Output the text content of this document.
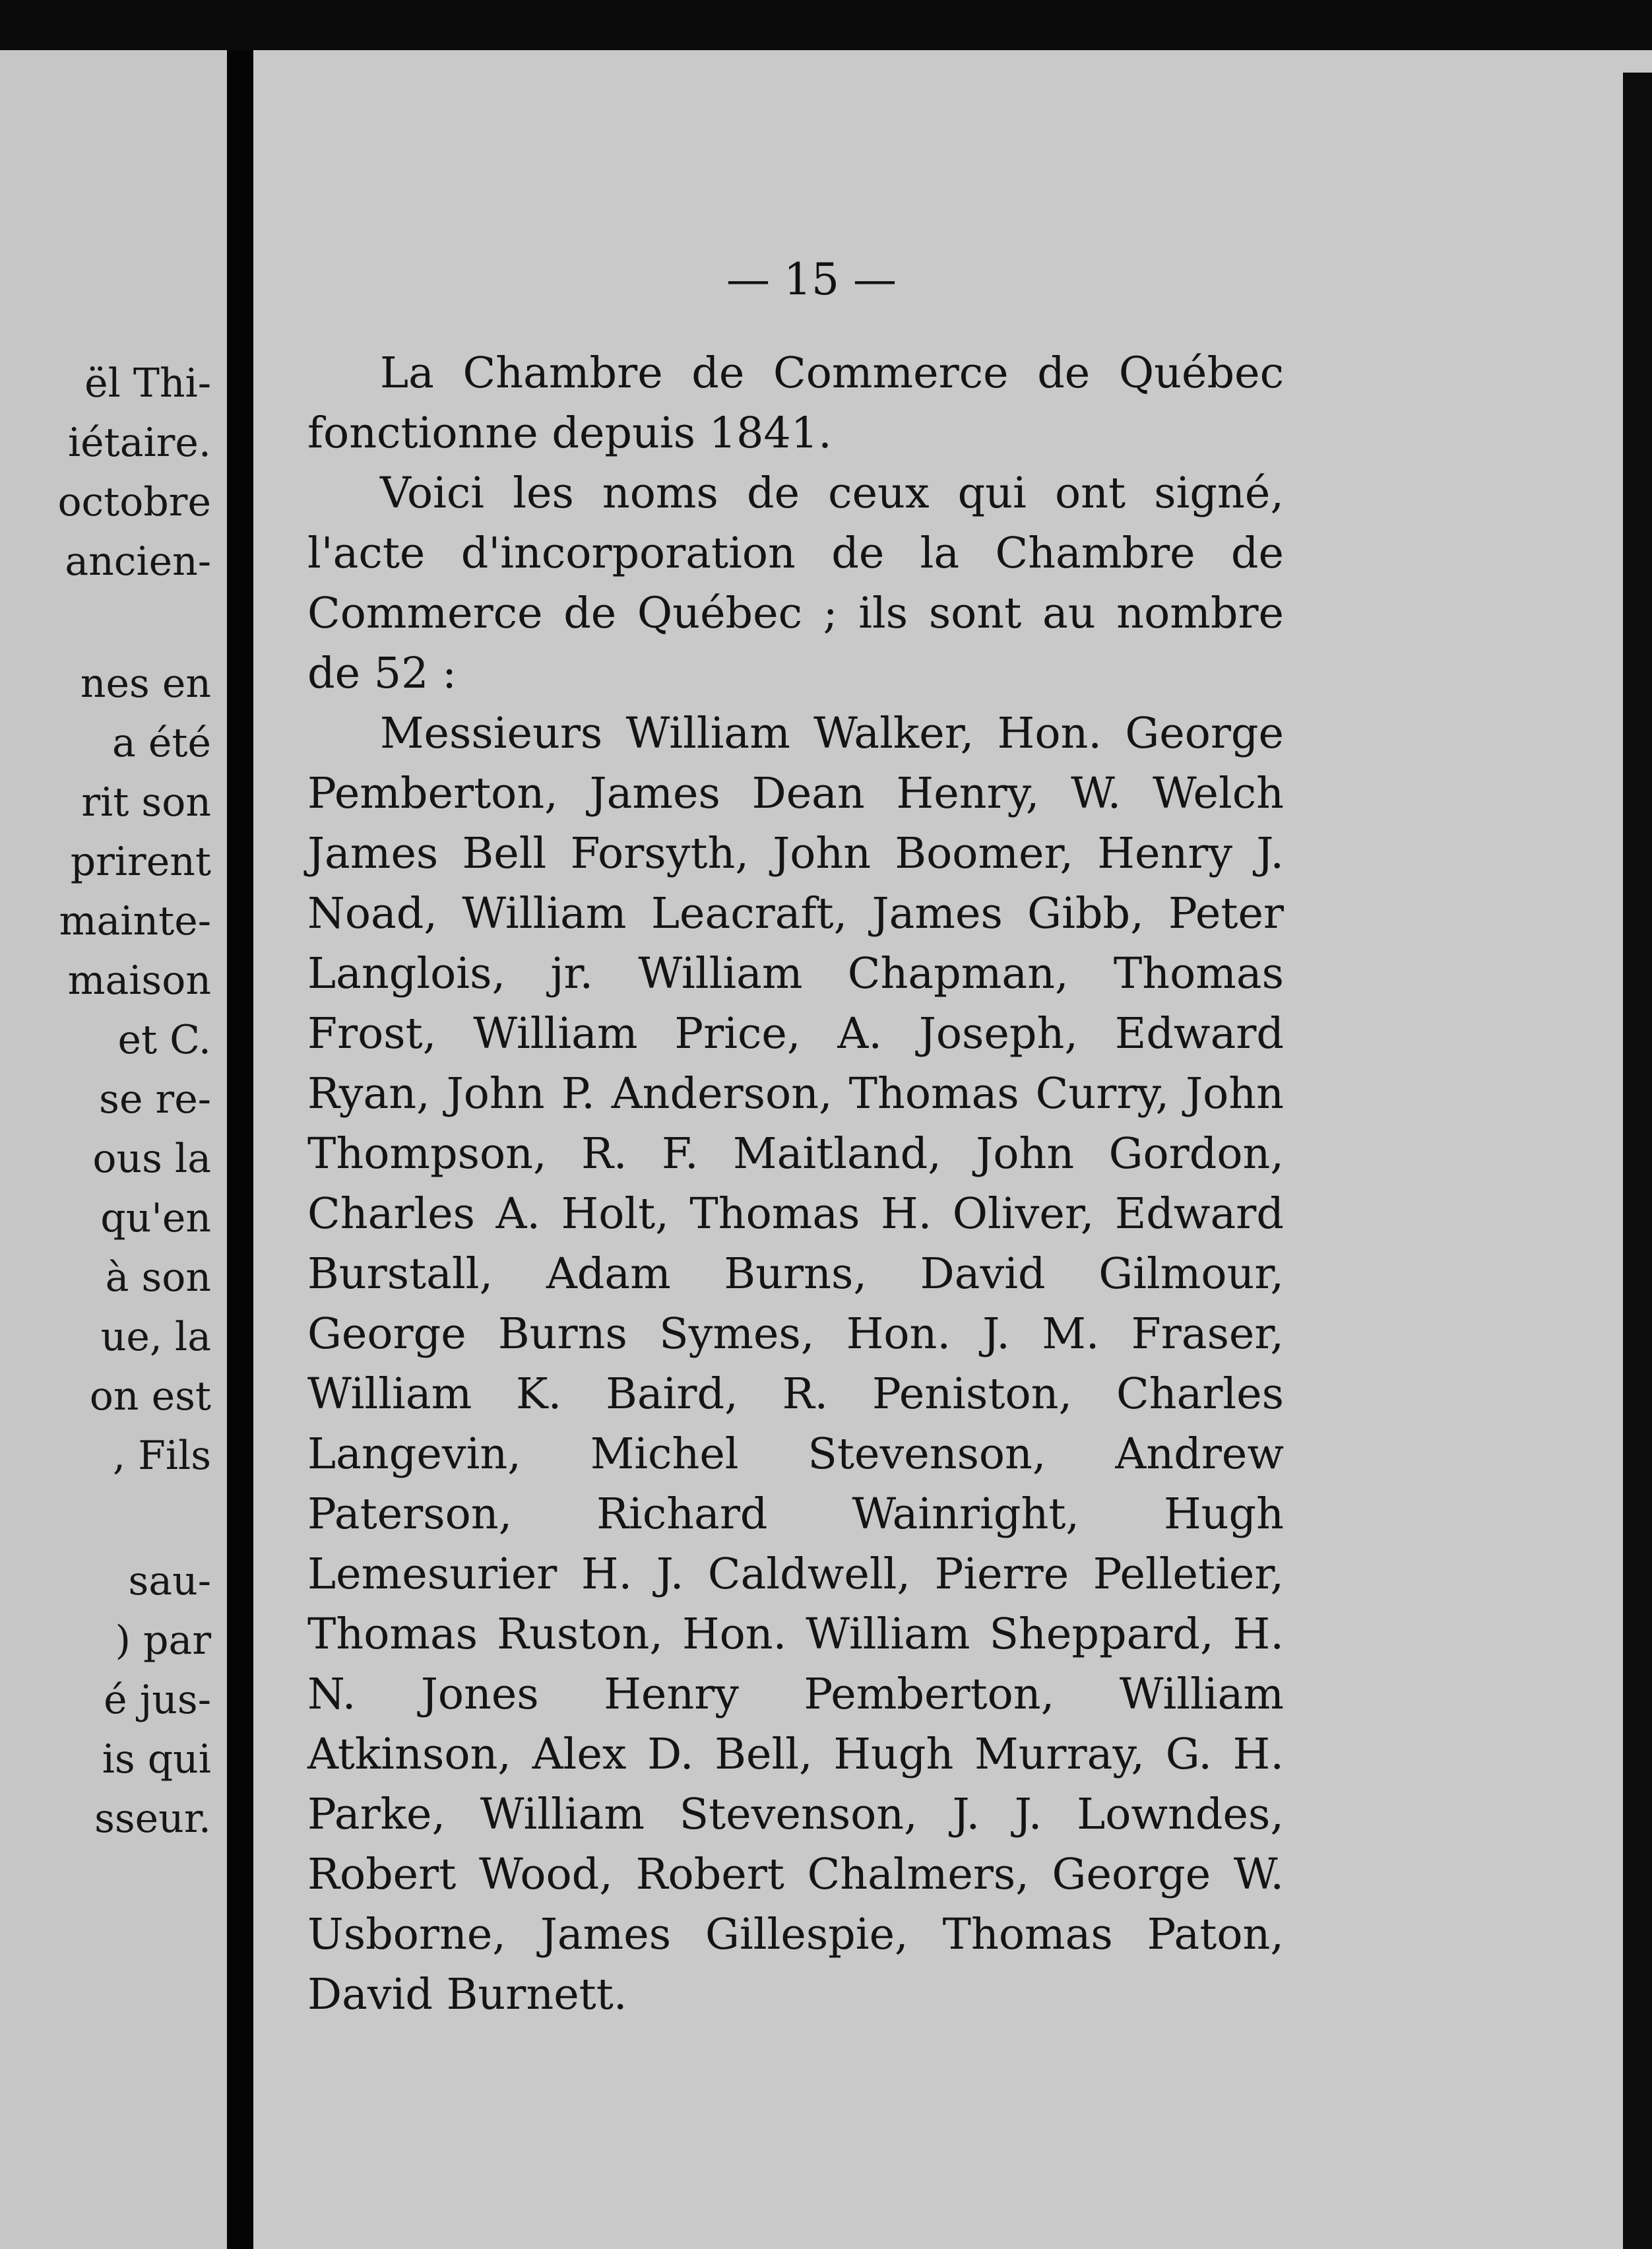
ël Thi-
iétaire.
octobre
ancien-
nes en
a été
rit son
prirent
mainte-
maison
et C.
se re-
ous la
qu'en
à son
ue, la
on est
, Fils
sau-
) par
é jus-
is qui
sseur.
— 15 —

La Chambre de Commerce de Québec fonctionne depuis 1841.

Voici les noms de ceux qui ont signé, l'acte d'incorporation de la Chambre de Commerce de Québec ; ils sont au nombre de 52 :

Messieurs William Walker, Hon. George Pemberton, James Dean Henry, W. Welch James Bell Forsyth, John Boomer, Henry J. Noad, William Leacraft, James Gibb, Peter Langlois, jr. William Chapman, Thomas Frost, William Price, A. Joseph, Edward Ryan, John P. Anderson, Thomas Curry, John Thompson, R. F. Maitland, John Gordon, Charles A. Holt, Thomas H. Oliver, Edward Burstall, Adam Burns, David Gilmour, George Burns Symes, Hon. J. M. Fraser, William K. Baird, R. Peniston, Charles Langevin, Michel Stevenson, Andrew Paterson, Richard Wainright, Hugh Lemesurier H. J. Caldwell, Pierre Pelletier, Thomas Ruston, Hon. William Sheppard, H. N. Jones Henry Pemberton, William Atkinson, Alex D. Bell, Hugh Murray, G. H. Parke, William Stevenson, J. J. Lowndes, Robert Wood, Robert Chalmers, George W. Usborne, James Gillespie, Thomas Paton, David Burnett.
